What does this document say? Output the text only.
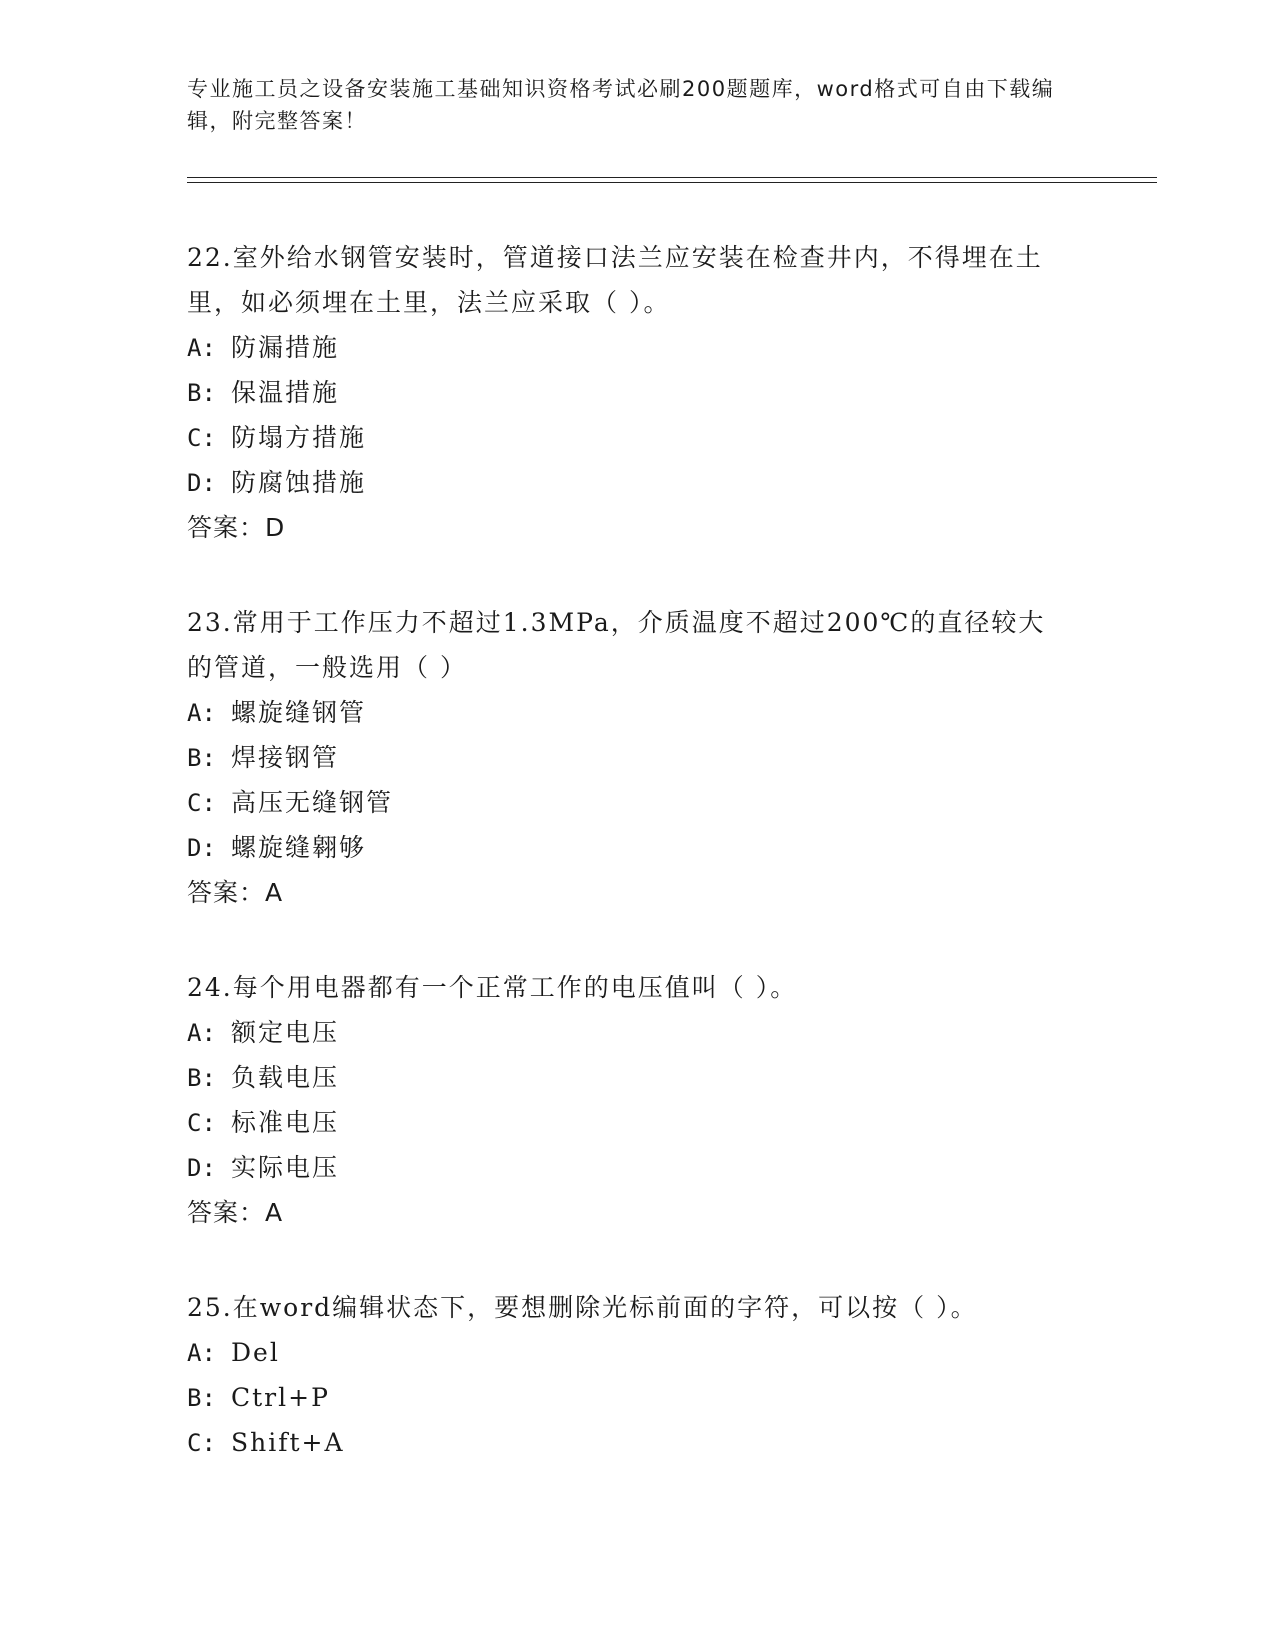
专业施工员之设备安装施工基础知识资格考试必刷200题题库，word格式可自由下载编辑，附完整答案！

22.室外给水钢管安装时，管道接口法兰应安装在检查井内，不得埋在土里，如必须埋在土里，法兰应采取（ ）。

A: 防漏措施
B: 保温措施
C: 防塌方措施
D: 防腐蚀措施
答案：D

23.常用于工作压力不超过1.3MPa，介质温度不超过200℃的直径较大的管道，一般选用（ ）

A: 螺旋缝钢管
B: 焊接钢管
C: 高压无缝钢管
D: 螺旋缝翱够
答案：A

24.每个用电器都有一个正常工作的电压值叫（ ）。

A: 额定电压
B: 负载电压
C: 标准电压
D: 实际电压
答案：A

25.在word编辑状态下，要想删除光标前面的字符，可以按（ ）。

A: Del
B: Ctrl+P
C: Shift+A
